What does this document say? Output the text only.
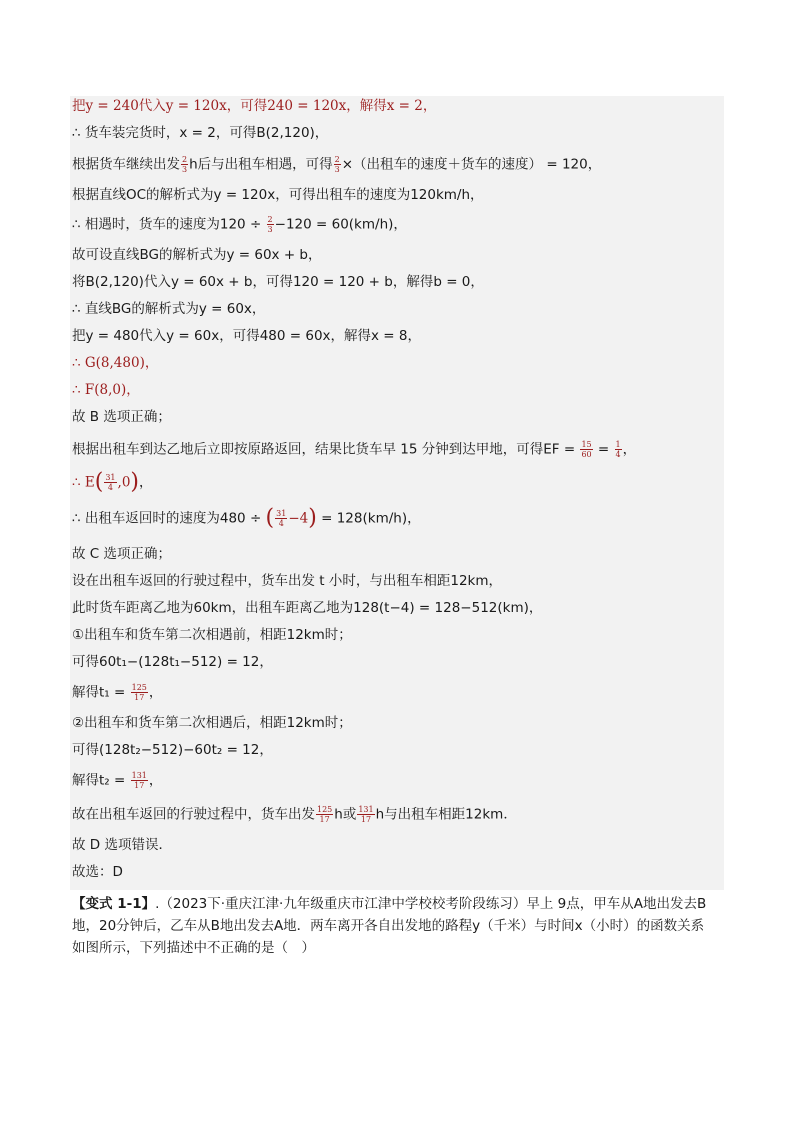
把y = 240代入y = 120x，可得240 = 120x，解得x = 2，
∴ 货车装完货时，x = 2，可得B(2,120)，
根据货车继续出发 $\frac{2}{3}$ h后与出租车相遇，可得 $\frac{2}{3}$ ×（出租车的速度＋货车的速度） = 120，
根据直线OC的解析式为y = 120x，可得出租车的速度为120km/h，
∴ 相遇时，货车的速度为$120 \div \frac{2}{3} -120 = 60(km/h)$，
故可设直线BG的解析式为y = 60x + b，
将B(2,120)代入y = 60x + b，可得120 = 120 + b，解得b = 0，
∴ 直线BG的解析式为y = 60x，
把y = 480代入y = 60x，可得480 = 60x，解得x = 8，
∴ G(8,480)，
∴ F(8,0)，
故 B 选项正确；
根据出租车到达乙地后立即按原路返回，结果比货车早 15 分钟到达甲地，可得EF = $\frac{15}{60} = \frac{1}{4}$ ，
∴ $E( \frac{31}{4} ,0)$，
∴ 出租车返回时的速度为480 ÷ ( $\frac{31}{4} -4) = 128(km/h)$，
故 C 选项正确；
设在出租车返回的行驶过程中，货车出发 t 小时，与出租车相距12km，
此时货车距离乙地为60km，出租车距离乙地为128(t−4) = 128−512(km)，
①出租车和货车第二次相遇前，相距12km时；
可得60t₁−(128t₁−512) = 12，
解得$t_1 = \frac{125}{17}$ ，
②出租车和货车第二次相遇后，相距12km时；
可得(128t₂−512)−60t₂ = 12，
解得$t_2 = \frac{131}{17}$ ，
故在出租车返回的行驶过程中，货车出发 $\frac{125}{17}$ h或 $\frac{131}{17}$ h与出租车相距12km．
故 D 选项错误．
故选：D
【变式 1-1】.（2023下·重庆江津·九年级重庆市江津中学校校考阶段练习）早上 9点，甲车从A地出发去B
地，20分钟后，乙车从B地出发去A地．两车离开各自出发地的路程y（千米）与时间x（小时）的函数关系
如图所示，下列描述中不正确的是（　）
